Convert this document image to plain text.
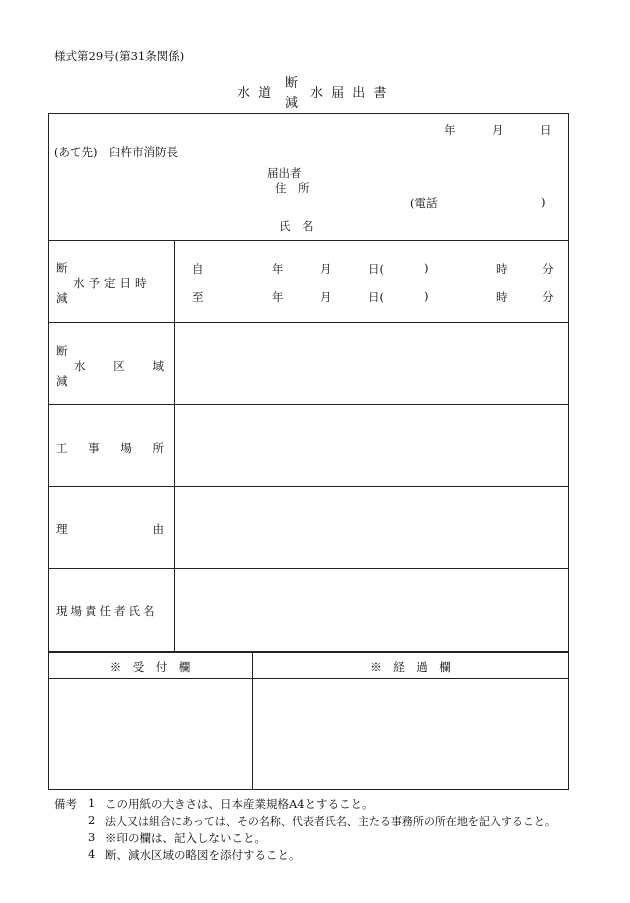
様式第29号(第31条関係)
水 道
断
減
水 届 出 書
年	月	日
(あて先)　臼杵市消防長
届出者
住　所
(電話	)
氏　名
断
減
水予定日時
自	年	月	日(	)	時	分
至	年	月	日(	)	時	分
断
減
水 区 域
工 事 場 所
理	由
現場責任者氏名
※　受　付　欄	※　経　過　欄
備考 1 この用紙の大きさは、日本産業規格A4とすること。
2 法人又は組合にあっては、その名称、代表者氏名、主たる事務所の所在地を記入すること。
3 ※印の欄は、記入しないこと。
4 断、減水区域の略図を添付すること。
